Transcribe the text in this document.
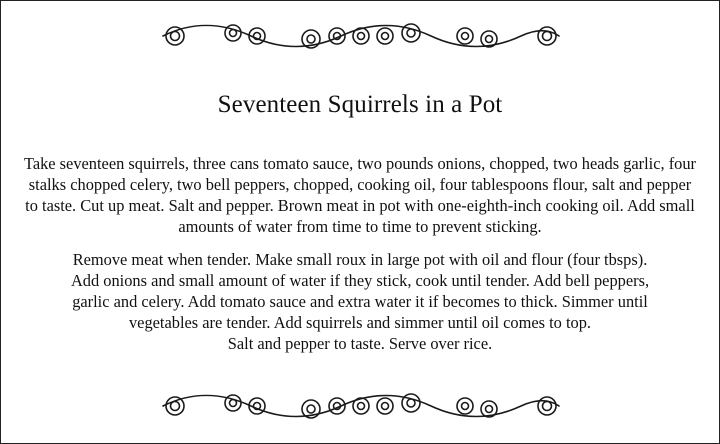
Seventeen Squirrels in a Pot

Take seventeen squirrels, three cans tomato sauce, two pounds onions, chopped, two heads garlic, four stalks chopped celery, two bell peppers, chopped, cooking oil, four tablespoons flour, salt and pepper to taste. Cut up meat. Salt and pepper. Brown meat in pot with one-eighth-inch cooking oil. Add small amounts of water from time to time to prevent sticking.

Remove meat when tender. Make small roux in large pot with oil and flour (four tbsps).
Add onions and small amount of water if they stick, cook until tender. Add bell peppers,
garlic and celery. Add tomato sauce and extra water it if becomes to thick. Simmer until
vegetables are tender. Add squirrels and simmer until oil comes to top.
Salt and pepper to taste. Serve over rice.
